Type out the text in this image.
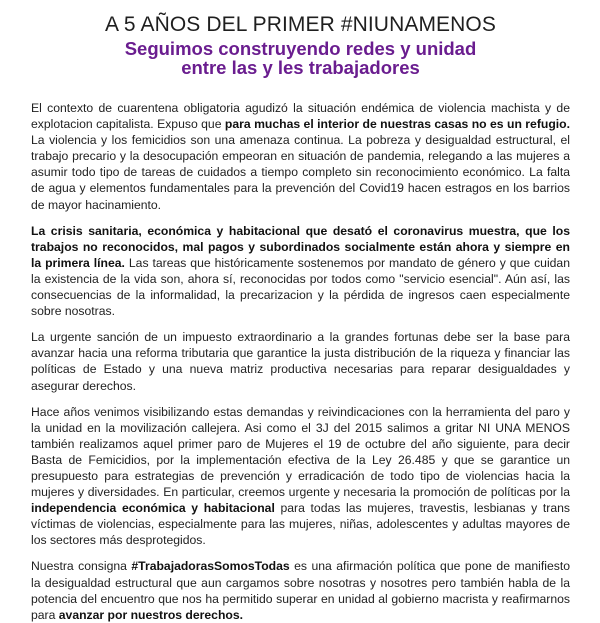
A 5 AÑOS DEL PRIMER #NIUNAMENOS

Seguimos construyendo redes y unidad
entre las y les trabajadores

El contexto de cuarentena obligatoria agudizó la situación endémica de violencia machista y de explotacion capitalista. Expuso que para muchas el interior de nuestras casas no es un refugio. La violencia y los femicidios son una amenaza continua. La pobreza y desigualdad estructural, el trabajo precario y la desocupación empeoran en situación de pandemia, relegando a las mujeres a asumir todo tipo de tareas de cuidados a tiempo completo sin reconocimiento económico. La falta de agua y elementos fundamentales para la prevención del Covid19 hacen estragos en los barrios de mayor hacinamiento.

La crisis sanitaria, económica y habitacional que desató el coronavirus muestra, que los trabajos no reconocidos, mal pagos y subordinados socialmente están ahora y siempre en la primera línea. Las tareas que históricamente sostenemos por mandato de género y que cuidan la existencia de la vida son, ahora sí, reconocidas por todos como "servicio esencial". Aún así, las consecuencias de la informalidad, la precarizacion y la pérdida de ingresos caen especialmente sobre nosotras.

La urgente sanción de un impuesto extraordinario a la grandes fortunas debe ser la base para avanzar hacia una reforma tributaria que garantice la justa distribución de la riqueza y financiar las políticas de Estado y una nueva matriz productiva necesarias para reparar desigualdades y asegurar derechos.

Hace años venimos visibilizando estas demandas y reivindicaciones con la herramienta del paro y la unidad en la movilización callejera. Asi como el 3J del 2015 salimos a gritar NI UNA MENOS también realizamos aquel primer paro de Mujeres el 19 de octubre del año siguiente, para decir Basta de Femicidios, por la implementación efectiva de la Ley 26.485 y que se garantice un presupuesto para estrategias de prevención y erradicación de todo tipo de violencias hacia la mujeres y diversidades. En particular, creemos urgente y necesaria la promoción de políticas por la independencia económica y habitacional para todas las mujeres, travestis, lesbianas y trans víctimas de violencias, especialmente para las mujeres, niñas, adolescentes y adultas mayores de los sectores más desprotegidos.

Nuestra consigna #TrabajadorasSomosTodas es una afirmación política que pone de manifiesto la desigualdad estructural que aun cargamos sobre nosotras y nosotres pero también habla de la potencia del encuentro que nos ha permitido superar en unidad al gobierno macrista y reafirmarnos para avanzar por nuestros derechos.
